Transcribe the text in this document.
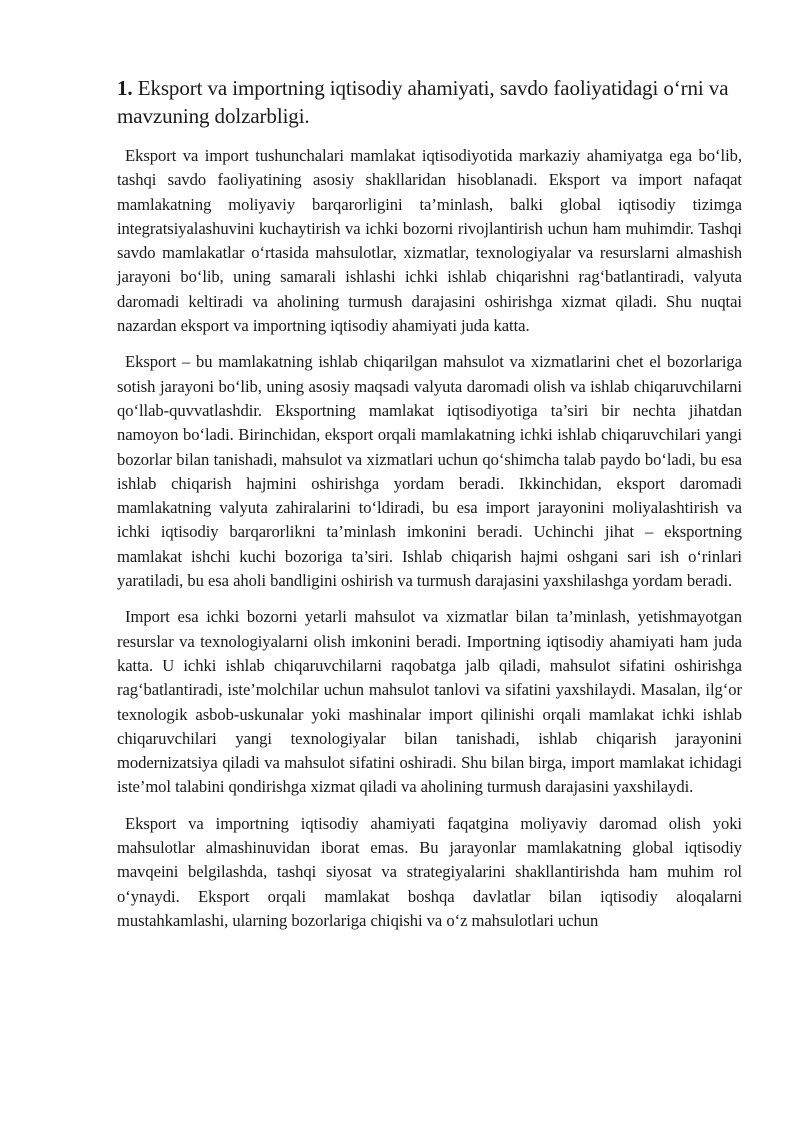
1. Eksport va importning iqtisodiy ahamiyati, savdo faoliyatidagi o‘rni va mavzuning dolzarbligi.

Eksport va import tushunchalari mamlakat iqtisodiyotida markaziy ahamiyatga ega bo‘lib, tashqi savdo faoliyatining asosiy shakllaridan hisoblanadi. Eksport va import nafaqat mamlakatning moliyaviy barqarorligini ta’minlash, balki global iqtisodiy tizimga integratsiyalashuvini kuchaytirish va ichki bozorni rivojlantirish uchun ham muhimdir. Tashqi savdo mamlakatlar o‘rtasida mahsulotlar, xizmatlar, texnologiyalar va resurslarni almashish jarayoni bo‘lib, uning samarali ishlashi ichki ishlab chiqarishni rag‘batlantiradi, valyuta daromadi keltiradi va aholining turmush darajasini oshirishga xizmat qiladi. Shu nuqtai nazardan eksport va importning iqtisodiy ahamiyati juda katta.

Eksport – bu mamlakatning ishlab chiqarilgan mahsulot va xizmatlarini chet el bozorlariga sotish jarayoni bo‘lib, uning asosiy maqsadi valyuta daromadi olish va ishlab chiqaruvchilarni qo‘llab-quvvatlashdir. Eksportning mamlakat iqtisodiyotiga ta’siri bir nechta jihatdan namoyon bo‘ladi. Birinchidan, eksport orqali mamlakatning ichki ishlab chiqaruvchilari yangi bozorlar bilan tanishadi, mahsulot va xizmatlari uchun qo‘shimcha talab paydo bo‘ladi, bu esa ishlab chiqarish hajmini oshirishga yordam beradi. Ikkinchidan, eksport daromadi mamlakatning valyuta zahiralarini to‘ldiradi, bu esa import jarayonini moliyalashtirish va ichki iqtisodiy barqarorlikni ta’minlash imkonini beradi. Uchinchi jihat – eksportning mamlakat ishchi kuchi bozoriga ta’siri. Ishlab chiqarish hajmi oshgani sari ish o‘rinlari yaratiladi, bu esa aholi bandligini oshirish va turmush darajasini yaxshilashga yordam beradi.

Import esa ichki bozorni yetarli mahsulot va xizmatlar bilan ta’minlash, yetishmayotgan resurslar va texnologiyalarni olish imkonini beradi. Importning iqtisodiy ahamiyati ham juda katta. U ichki ishlab chiqaruvchilarni raqobatga jalb qiladi, mahsulot sifatini oshirishga rag‘batlantiradi, iste’molchilar uchun mahsulot tanlovi va sifatini yaxshilaydi. Masalan, ilg‘or texnologik asbob-uskunalar yoki mashinalar import qilinishi orqali mamlakat ichki ishlab chiqaruvchilari yangi texnologiyalar bilan tanishadi, ishlab chiqarish jarayonini modernizatsiya qiladi va mahsulot sifatini oshiradi. Shu bilan birga, import mamlakat ichidagi iste’mol talabini qondirishga xizmat qiladi va aholining turmush darajasini yaxshilaydi.

Eksport va importning iqtisodiy ahamiyati faqatgina moliyaviy daromad olish yoki mahsulotlar almashinuvidan iborat emas. Bu jarayonlar mamlakatning global iqtisodiy mavqeini belgilashda, tashqi siyosat va strategiyalarini shakllantirishda ham muhim rol o‘ynaydi. Eksport orqali mamlakat boshqa davlatlar bilan iqtisodiy aloqalarni mustahkamlashi, ularning bozorlariga chiqishi va o‘z mahsulotlari uchun
